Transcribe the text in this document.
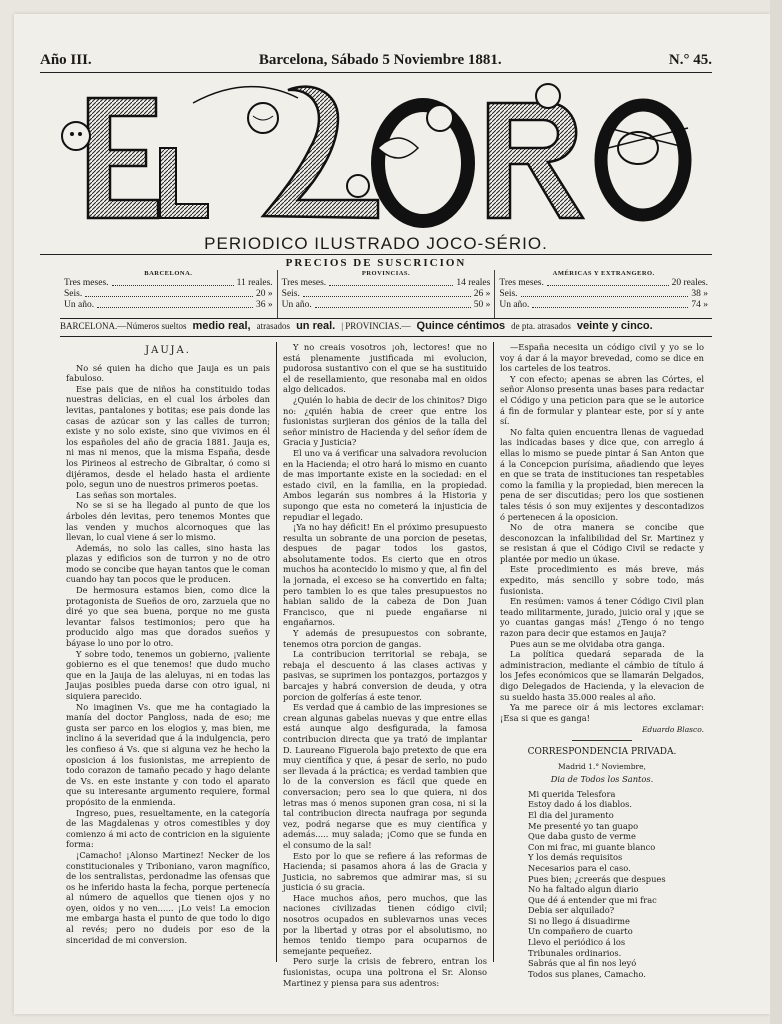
Año III.	Barcelona, Sábado 5 Noviembre 1881.	N.° 45.
PERIODICO ILUSTRADO JOCO-SÉRIO.
PRECIOS DE SUSCRICION
BARCELONA.
Tres meses.	11 reales.
Seis.	20 »
Un año.	36 »
PROVINCIAS.
Tres meses.	14 reales
Seis.	26 »
Un año.	50 »
AMÉRICAS Y EXTRANGERO.
Tres meses.	20 reales.
Seis.	38 »
Un año.	74 »
BARCELONA.—Números sueltos medio real, atrasados un real. | PROVINCIAS.— Quince céntimos de pta. atrasados veinte y cinco.
JAUJA.

No sé quien ha dicho que Jauja es un pais fabuloso.

Ese pais que de niños ha constituido todas nuestras delicias, en el cual los árboles dan levitas, pantalones y botitas; ese pais donde las casas de azúcar son y las calles de turron; existe y no solo existe, sino que vivimos en él los españoles del año de gracia 1881. Jauja es, ni mas ni menos, que la misma España, desde los Pirineos al estrecho de Gibraltar, ó como si dijéramos, desde el helado hasta el ardiente polo, segun uno de nuestros primeros poetas.

Las señas son mortales.

No se si se ha llegado al punto de que los árboles dén levitas, pero tenemos Montes que las venden y muchos alcornoques que las llevan, lo cual viene á ser lo mismo.

Además, no solo las calles, sino hasta las plazas y edificios son de turron y no de otro modo se concibe que hayan tantos que le coman cuando hay tan pocos que le producen.

De hermosura estamos bien, como dice la protagonista de Sueños de oro, zarzuela que no diré yo que sea buena, porque no me gusta levantar falsos testimonios; pero que ha producido algo mas que dorados sueños y báyase lo uno por lo otro.

Y sobre todo, tenemos un gobierno, ¡valiente gobierno es el que tenemos! que dudo mucho que en la Jauja de las aleluyas, ni en todas las Jaujas posibles pueda darse con otro igual, ni siquiera parecido.

No imaginen Vs. que me ha contagiado la manía del doctor Pangloss, nada de eso; me gusta ser parco en los elogios y, mas bien, me inclino á la severidad que á la indulgencia, pero les confieso á Vs. que si alguna vez he hecho la oposicion á los fusionistas, me arrepiento de todo corazon de tamaño pecado y hago delante de Vs. en este instante y con todo el aparato que su interesante argumento requiere, formal propósito de la enmienda.

Ingreso, pues, resueltamente, en la categoría de las Magdalenas y otros comestibles y doy comienzo á mi acto de contricion en la siguiente forma:

¡Camacho! ¡Alonso Martinez! Necker de los constitucionales y Triboniano, varon magnífico, de los sentralistas, perdonadme las ofensas que os he inferido hasta la fecha, porque pertenecía al número de aquellos que tienen ojos y no oyen, oidos y no ven...... ¡Lo veis! La emocion me embarga hasta el punto de que todo lo digo al revés; pero no dudeis por eso de la sinceridad de mi conversion.

Y no creais vosotros ¡oh, lectores! que no está plenamente justificada mi evolucion, pudorosa sustantivo con el que se ha sustituido el de resellamiento, que resonaba mal en oidos algo delicados.

¿Quién lo habia de decir de los chinitos? Digo no: ¿quién habia de creer que entre los fusionistas surjieran dos génios de la talla del señor ministro de Hacienda y del señor ídem de Gracia y Justicia?

El uno va á verificar una salvadora revolucion en la Hacienda; el otro hará lo mismo en cuanto de mas importante existe en la sociedad: en el estado civil, en la familia, en la propiedad. Ambos legarán sus nombres á la Historia y supongo que esta no cometerá la injusticia de repudiar el legado.

¡Ya no hay déficit! En el próximo presupuesto resulta un sobrante de una porcion de pesetas, despues de pagar todos los gastos, absolutamente todos. Es cierto que en otros muchos ha acontecido lo mismo y que, al fin del la jornada, el exceso se ha convertido en falta; pero tambien lo es que tales presupuestos no habian salido de la cabeza de Don Juan Francisco, que ni puede engañarse ni engañarnos.

Y además de presupuestos con sobrante, tenemos otra porcion de gangas.

La contribucion territorial se rebaja, se rebaja el descuento á las clases activas y pasivas, se suprimen los pontazgos, portazgos y barcajes y habrá conversion de deuda, y otra porcion de golferías á este tenor.

Es verdad que á cambio de las impresiones se crean algunas gabelas nuevas y que entre ellas está aunque algo desfigurada, la famosa contribucion directa que ya trató de implantar D. Laureano Figuerola bajo pretexto de que era muy científica y que, á pesar de serlo, no pudo ser llevada á la práctica; es verdad tambien que lo de la conversion es fácil que quede en conversacion; pero sea lo que quiera, ni dos letras mas ó menos suponen gran cosa, ni si la tal contribucion directa naufraga por segunda vez, podrá negarse que es muy científica y además..... muy salada; ¡Como que se funda en el consumo de la sal!

Esto por lo que se refiere á las reformas de Hacienda; si pasamos ahora á las de Gracia y Justicia, no sabremos que admirar mas, si su justicia ó su gracia.

Hace muchos años, pero muchos, que las naciones civilizadas tienen código civil; nosotros ocupados en sublevarnos unas veces por la libertad y otras por el absolutismo, no hemos tenido tiempo para ocuparnos de semejante pequeñez.

Pero surje la crisis de febrero, entran los fusionistas, ocupa una poltrona el Sr. Alonso Martinez y piensa para sus adentros:

—España necesita un código civil y yo se lo voy á dar á la mayor brevedad, como se dice en los carteles de los teatros.

Y con efecto; apenas se abren las Córtes, el señor Alonso presenta unas bases para redactar el Código y una peticion para que se le autorice á fin de formular y plantear este, por sí y ante sí.

No falta quien encuentra llenas de vaguedad las indicadas bases y dice que, con arreglo á ellas lo mismo se puede pintar á San Anton que á la Concepcion purísima, añadiendo que leyes en que se trata de instituciones tan respetables como la familia y la propiedad, bien merecen la pena de ser discutidas; pero los que sostienen tales tésis ó son muy exijentes y descontadizos ó pertenecen á la oposicion.

No de otra manera se concibe que desconozcan la infalibilidad del Sr. Martinez y se resistan á que el Código Civil se redacte y plantée por medio un úkase.

Este procedimiento es más breve, más expedito, más sencillo y sobre todo, más fusionista.

En resúmen: vamos á tener Código Civil plan teado militarmente, jurado, juicio oral y ¡que se yo cuantas gangas más! ¿Tengo ó no tengo razon para decir que estamos en Jauja?

Pues aun se me olvidaba otra ganga.

La política quedará separada de la administracion, mediante el cámbio de título á los Jefes económicos que se llamarán Delgados, digo Delegados de Hacienda, y la elevacion de su sueldo hasta 35.000 reales al año.

Ya me parece oir á mis lectores exclamar: ¡Esa si que es ganga!

Eduardo Blasco.

CORRESPONDENCIA PRIVADA.

Madrid 1.° Noviembre,

Dia de Todos los Santos.

Mi querida Telesfora
Estoy dado á los diablos.
El dia del juramento
Me presenté yo tan guapo
Que daba gusto de verme
Con mi frac, mi guante blanco
Y los demás requisitos
Necesarios para el caso.
Pues bien; ¿creerás que despues
No ha faltado algun diario
Que dé á entender que mi frac
Debia ser alquilado?
Si no llego á disuadirme
Un compañero de cuarto
Llevo el periódico á los
Tribunales ordinarios.
Sabrás que al fin nos leyó
Todos sus planes, Camacho.
